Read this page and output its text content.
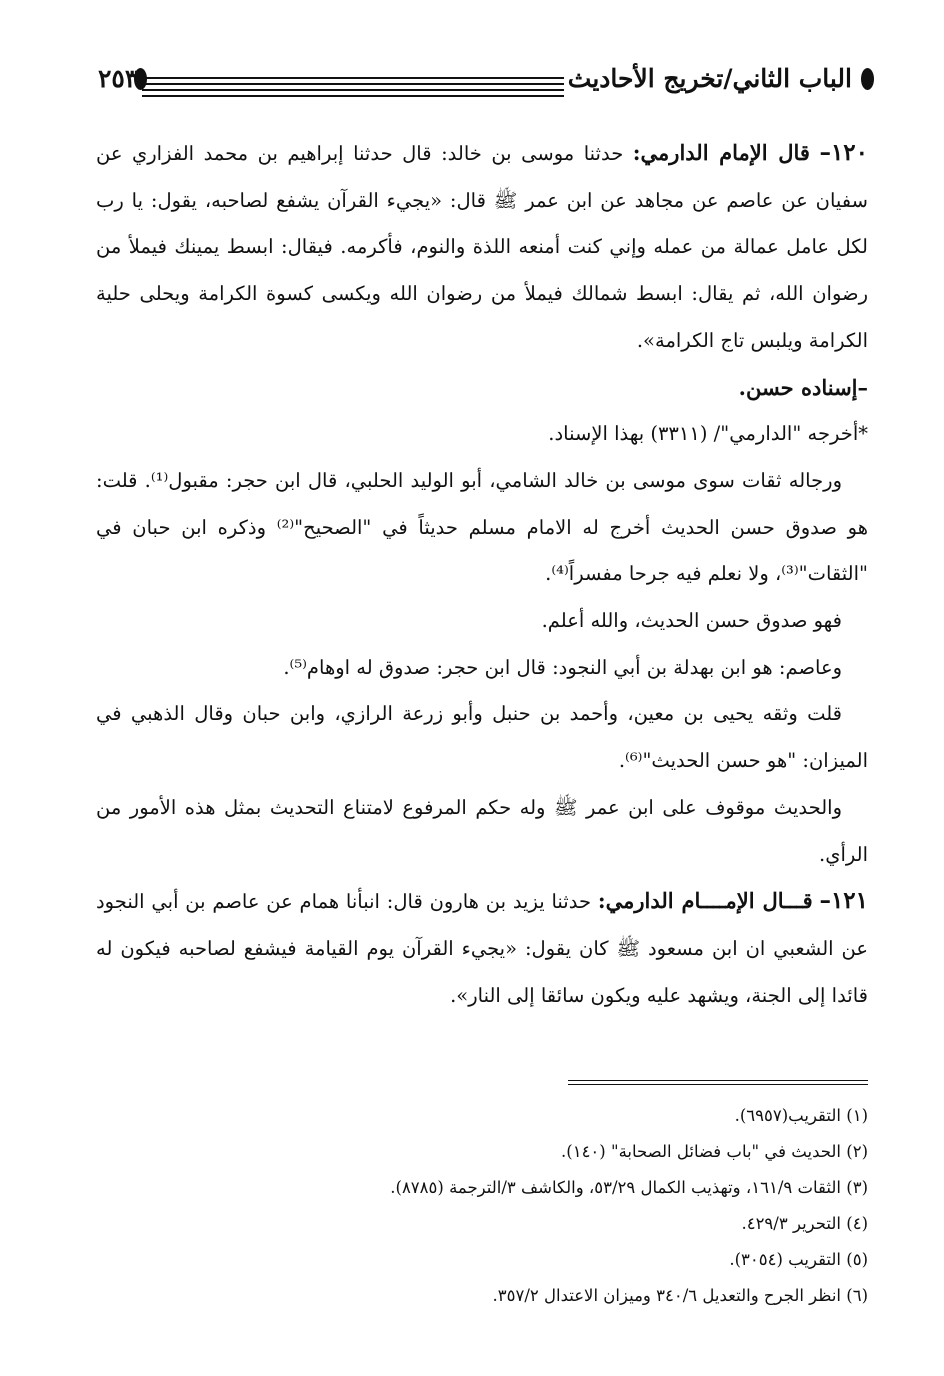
الباب الثاني/تخريج الأحاديث
٢٥٣

١٢٠– قال الإمام الدارمي: حدثنا موسى بن خالد: قال حدثنا إبراهيم بن محمد الفزاري عن سفيان عن عاصم عن مجاهد عن ابن عمر ﷺ قال: «يجيء القرآن يشفع لصاحبه، يقول: يا رب لكل عامل عمالة من عمله وإني كنت أمنعه اللذة والنوم، فأكرمه. فيقال: ابسط يمينك فيملأ من رضوان الله، ثم يقال: ابسط شمالك فيملأ من رضوان الله ويكسى كسوة الكرامة ويحلى حلية الكرامة ويلبس تاج الكرامة».

–إسناده حسن.

*أخرجه "الدارمي"/ (٣٣١١) بهذا الإسناد.

ورجاله ثقات سوى موسى بن خالد الشامي، أبو الوليد الحلبي، قال ابن حجر: مقبول⁽¹⁾. قلت: هو صدوق حسن الحديث أخرج له الامام مسلم حديثاً في "الصحيح"⁽²⁾ وذكره ابن حبان في "الثقات"⁽³⁾، ولا نعلم فيه جرحا مفسراً⁽⁴⁾.

فهو صدوق حسن الحديث، والله أعلم.

وعاصم: هو ابن بهدلة بن أبي النجود: قال ابن حجر: صدوق له اوهام⁽⁵⁾.

قلت وثقه يحيى بن معين، وأحمد بن حنبل وأبو زرعة الرازي، وابن حبان وقال الذهبي في الميزان: "هو حسن الحديث"⁽⁶⁾.

والحديث موقوف على ابن عمر ﷺ وله حكم المرفوع لامتناع التحديث بمثل هذه الأمور من الرأي.

١٢١– قـــال الإمــــام الدارمي: حدثنا يزيد بن هارون قال: انبأنا همام عن عاصم بن أبي النجود عن الشعبي ان ابن مسعود ﷺ كان يقول: «يجيء القرآن يوم القيامة فيشفع لصاحبه فيكون له قائدا إلى الجنة، ويشهد عليه ويكون سائقا إلى النار».

(١) التقريب(٦٩٥٧).

(٢) الحديث في "باب فضائل الصحابة" (١٤٠).

(٣) الثقات ١٦١/٩، وتهذيب الكمال ٥٣/٢٩، والكاشف ٣/الترجمة (٨٧٨٥).

(٤) التحرير ٤٢٩/٣.

(٥) التقريب (٣٠٥٤).

(٦) انظر الجرح والتعديل ٣٤٠/٦ وميزان الاعتدال ٣٥٧/٢.
